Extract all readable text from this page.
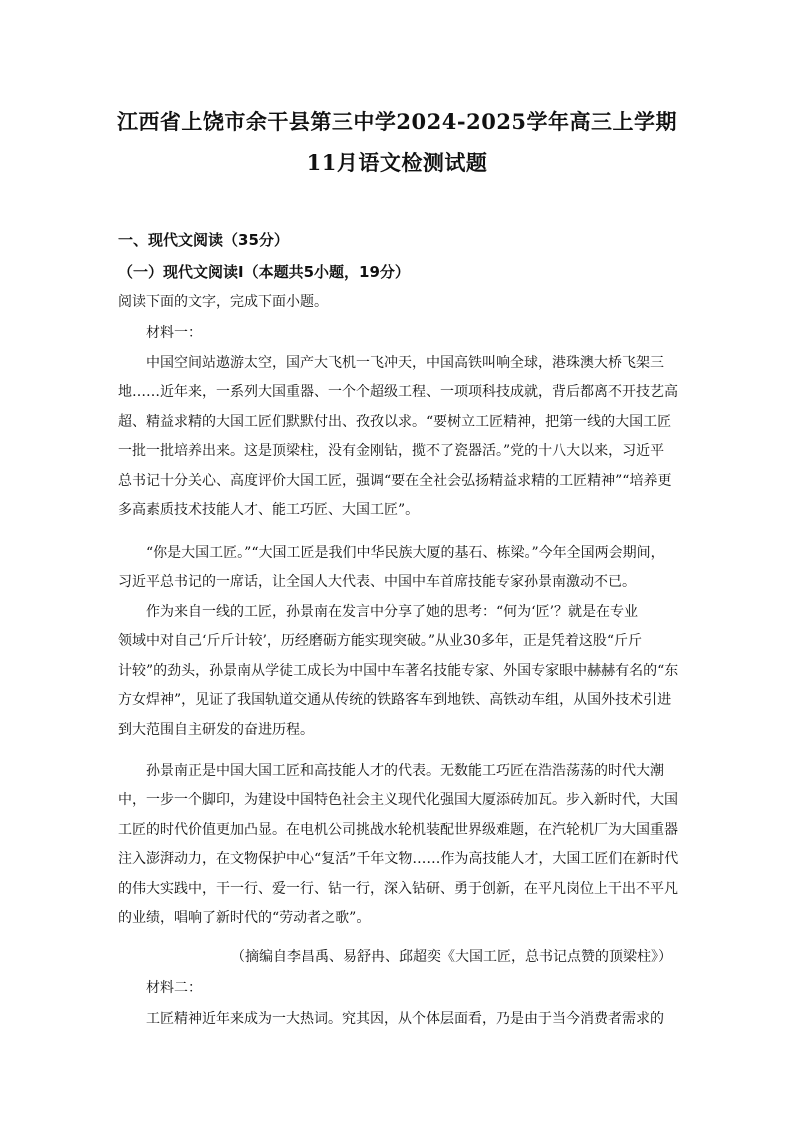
江西省上饶市余干县第三中学2024-2025学年高三上学期
11月语文检测试题
一、现代文阅读（35分）
（一）现代文阅读Ⅰ（本题共5小题，19分）
阅读下面的文字，完成下面小题。
材料一：

中国空间站遨游太空，国产大飞机一飞冲天，中国高铁叫响全球，港珠澳大桥飞架三

地……近年来，一系列大国重器、一个个超级工程、一项项科技成就，背后都离不开技艺高

超、精益求精的大国工匠们默默付出、孜孜以求。“要树立工匠精神，把第一线的大国工匠

一批一批培养出来。这是顶梁柱，没有金刚钻，揽不了瓷器活。”党的十八大以来，习近平

总书记十分关心、高度评价大国工匠，强调“要在全社会弘扬精益求精的工匠精神”“培养更

多高素质技术技能人才、能工巧匠、大国工匠”。

“你是大国工匠。”“大国工匠是我们中华民族大厦的基石、栋梁。”今年全国两会期间，

习近平总书记的一席话，让全国人大代表、中国中车首席技能专家孙景南激动不已。

作为来自一线的工匠，孙景南在发言中分享了她的思考：“何为‘匠’？就是在专业

领域中对自己‘斤斤计较’，历经磨砺方能实现突破。”从业30多年，正是凭着这股“斤斤

计较”的劲头，孙景南从学徒工成长为中国中车著名技能专家、外国专家眼中赫赫有名的“东

方女焊神”，见证了我国轨道交通从传统的铁路客车到地铁、高铁动车组，从国外技术引进

到大范围自主研发的奋进历程。

孙景南正是中国大国工匠和高技能人才的代表。无数能工巧匠在浩浩荡荡的时代大潮

中，一步一个脚印，为建设中国特色社会主义现代化强国大厦添砖加瓦。步入新时代，大国

工匠的时代价值更加凸显。在电机公司挑战水轮机装配世界级难题，在汽轮机厂为大国重器

注入澎湃动力，在文物保护中心“复活”千年文物……作为高技能人才，大国工匠们在新时代

的伟大实践中，干一行、爱一行、钻一行，深入钻研、勇于创新，在平凡岗位上干出不平凡

的业绩，唱响了新时代的“劳动者之歌”。

（摘编自李昌禹、易舒冉、邱超奕《大国工匠，总书记点赞的顶梁柱》）
材料二：

工匠精神近年来成为一大热词。究其因，从个体层面看，乃是由于当今消费者需求的
